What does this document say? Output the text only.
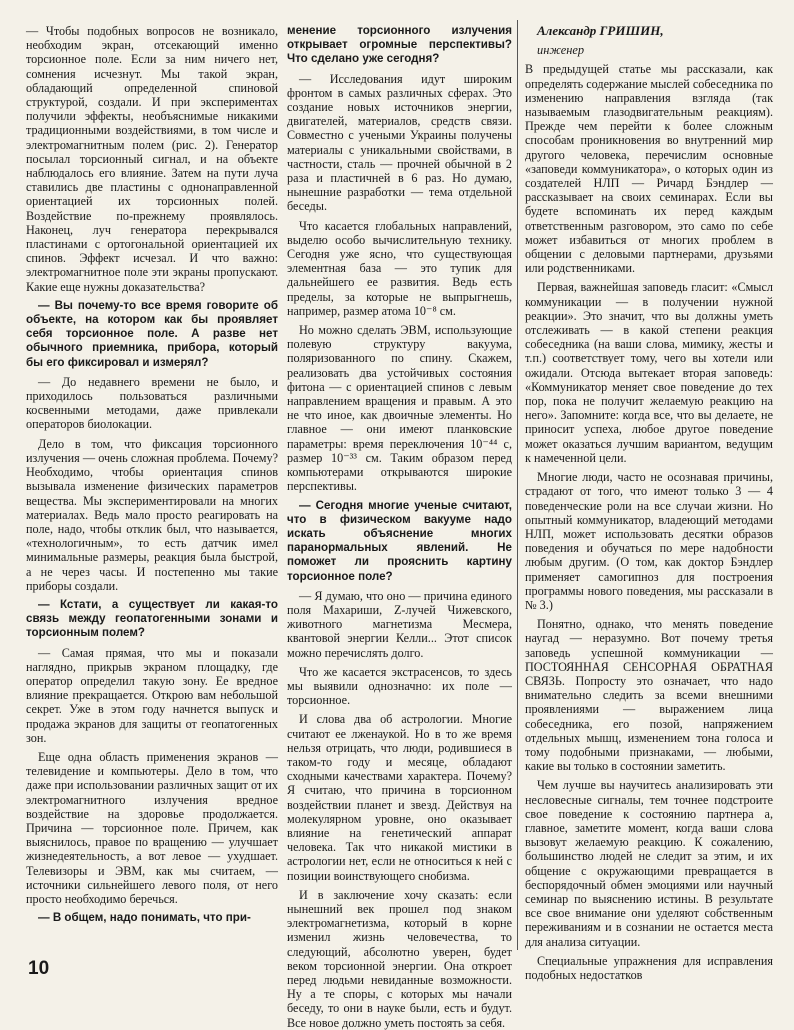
— Чтобы подобных вопросов не возникало, необходим экран, отсекающий именно торсионное поле. Если за ним ничего нет, сомнения исчезнут. Мы такой экран, обладающий определенной спиновой структурой, создали. И при экспериментах получили эффекты, необъяснимые никакими традиционными воздействиями, в том числе и электромагнитным полем (рис. 2). Генератор посылал торсионный сигнал, и на объекте наблюдалось его влияние. Затем на пути луча ставились две пластины с однонаправленной ориентацией их торсионных полей. Воздействие по-прежнему проявлялось. Наконец, луч генератора перекрывался пластинами с ортогональной ориентацией их спинов. Эффект исчезал. И что важно: электромагнитное поле эти экраны пропускают. Какие еще нужны доказательства?

— Вы почему-то все время говорите об объекте, на котором как бы проявляет себя торсионное поле. А разве нет обычного приемника, прибора, который бы его фиксировал и измерял?

— До недавнего времени не было, и приходилось пользоваться различными косвенными методами, даже привлекали операторов биолокации.

Дело в том, что фиксация торсионного излучения — очень сложная проблема. Почему? Необходимо, чтобы ориентация спинов вызывала изменение физических параметров вещества. Мы экспериментировали на многих материалах. Ведь мало просто реагировать на поле, надо, чтобы отклик был, что называется, «технологичным», то есть датчик имел минимальные размеры, реакция была быстрой, а не через часы. И постепенно мы такие приборы создали.

— Кстати, а существует ли какая-то связь между геопатогенными зонами и торсионным полем?

— Самая прямая, что мы и показали наглядно, прикрыв экраном площадку, где оператор определил такую зону. Ее вредное влияние прекращается. Открою вам небольшой секрет. Уже в этом году начнется выпуск и продажа экранов для защиты от геопатогенных зон.

Еще одна область применения экранов — телевидение и компьютеры. Дело в том, что даже при использовании различных защит от их электромагнитного излучения вредное воздействие на здоровье продолжается. Причина — торсионное поле. Причем, как выяснилось, правое по вращению — улучшает жизнедеятельность, а вот левое — ухудшает. Телевизоры и ЭВМ, как мы считаем, — источники сильнейшего левого поля, от него просто необходимо беречься.

— В общем, надо понимать, что при-

менение торсионного излучения открывает огромные перспективы? Что сделано уже сегодня?

— Исследования идут широким фронтом в самых различных сферах. Это создание новых источников энергии, двигателей, материалов, средств связи. Совместно с учеными Украины получены материалы с уникальными свойствами, в частности, сталь — прочней обычной в 2 раза и пластичней в 6 раз. Но думаю, нынешние разработки — тема отдельной беседы.

Что касается глобальных направлений, выделю особо вычислительную технику. Сегодня уже ясно, что существующая элементная база — это тупик для дальнейшего ее развития. Ведь есть пределы, за которые не выпрыгнешь, например, размер атома 10⁻⁸ см.

Но можно сделать ЭВМ, использующие полевую структуру вакуума, поляризованного по спину. Скажем, реализовать два устойчивых состояния фитона — с ориентацией спинов с левым направлением вращения и правым. А это не что иное, как двоичные элементы. Но главное — они имеют планковские параметры: время переключения 10⁻⁴⁴ с, размер 10⁻³³ см. Таким образом перед компьютерами открываются широкие перспективы.

— Сегодня многие ученые считают, что в физическом вакууме надо искать объяснение многих паранормальных явлений. Не поможет ли прояснить картину торсионное поле?

— Я думаю, что оно — причина единого поля Махариши, Z-лучей Чижевского, животного магнетизма Месмера, квантовой энергии Келли... Этот список можно перечислять долго.

Что же касается экстрасенсов, то здесь мы выявили однозначно: их поле — торсионное.

И слова два об астрологии. Многие считают ее лженаукой. Но в то же время нельзя отрицать, что люди, родившиеся в таком-то году и месяце, обладают сходными качествами характера. Почему? Я считаю, что причина в торсионном воздействии планет и звезд. Действуя на молекулярном уровне, оно оказывает влияние на генетический аппарат человека. Так что никакой мистики в астрологии нет, если не относиться к ней с позиции воинствующего снобизма.

И в заключение хочу сказать: если нынешний век прошел под знаком электромагнетизма, который в корне изменил жизнь человечества, то следующий, абсолютно уверен, будет веком торсионной энергии. Она откроет перед людьми невиданные возможности. Ну а те споры, с которых мы начали беседу, то они в науке были, есть и будут. Все новое должно уметь постоять за себя.

Александр ГРИШИН,

инженер

В предыдущей статье мы рассказали, как определять содержание мыслей собеседника по изменению направления взгляда (так называемым глазодвигательным реакциям). Прежде чем перейти к более сложным способам проникновения во внутренний мир другого человека, перечислим основные «заповеди коммуникатора», о которых один из создателей НЛП — Ричард Бэндлер — рассказывает на своих семинарах. Если вы будете вспоминать их перед каждым ответственным разговором, это само по себе может избавиться от многих проблем в общении с деловыми партнерами, друзьями или родственниками.

Первая, важнейшая заповедь гласит: «Смысл коммуникации — в получении нужной реакции». Это значит, что вы должны уметь отслеживать — в какой степени реакция собеседника (на ваши слова, мимику, жесты и т.п.) соответствует тому, чего вы хотели или ожидали. Отсюда вытекает вторая заповедь: «Коммуникатор меняет свое поведение до тех пор, пока не получит желаемую реакцию на него». Запомните: когда все, что вы делаете, не приносит успеха, любое другое поведение может оказаться лучшим вариантом, ведущим к намеченной цели.

Многие люди, часто не осознавая причины, страдают от того, что имеют только 3 — 4 поведенческие роли на все случаи жизни. Но опытный коммуникатор, владеющий методами НЛП, может использовать десятки образов поведения и обучаться по мере надобности любым другим. (О том, как доктор Бэндлер применяет самогипноз для построения программы нового поведения, мы рассказали в № 3.)

Понятно, однако, что менять поведение наугад — неразумно. Вот почему третья заповедь успешной коммуникации — ПОСТОЯННАЯ СЕНСОРНАЯ ОБРАТНАЯ СВЯЗЬ. Попросту это означает, что надо внимательно следить за всеми внешними проявлениями — выражением лица собеседника, его позой, напряжением отдельных мышц, изменением тона голоса и тому подобными признаками, — любыми, какие вы только в состоянии заметить.

Чем лучше вы научитесь анализировать эти несловесные сигналы, тем точнее подстроите свое поведение к состоянию партнера а, главное, заметите момент, когда ваши слова вызовут желаемую реакцию. К сожалению, большинство людей не следит за этим, и их общение с окружающими превращается в беспорядочный обмен эмоциями или научный семинар по выяснению истины. В результате все свое внимание они уделяют собственным переживаниям и в сознании не остается места для анализа ситуации.

Специальные упражнения для исправления подобных недостатков

10
